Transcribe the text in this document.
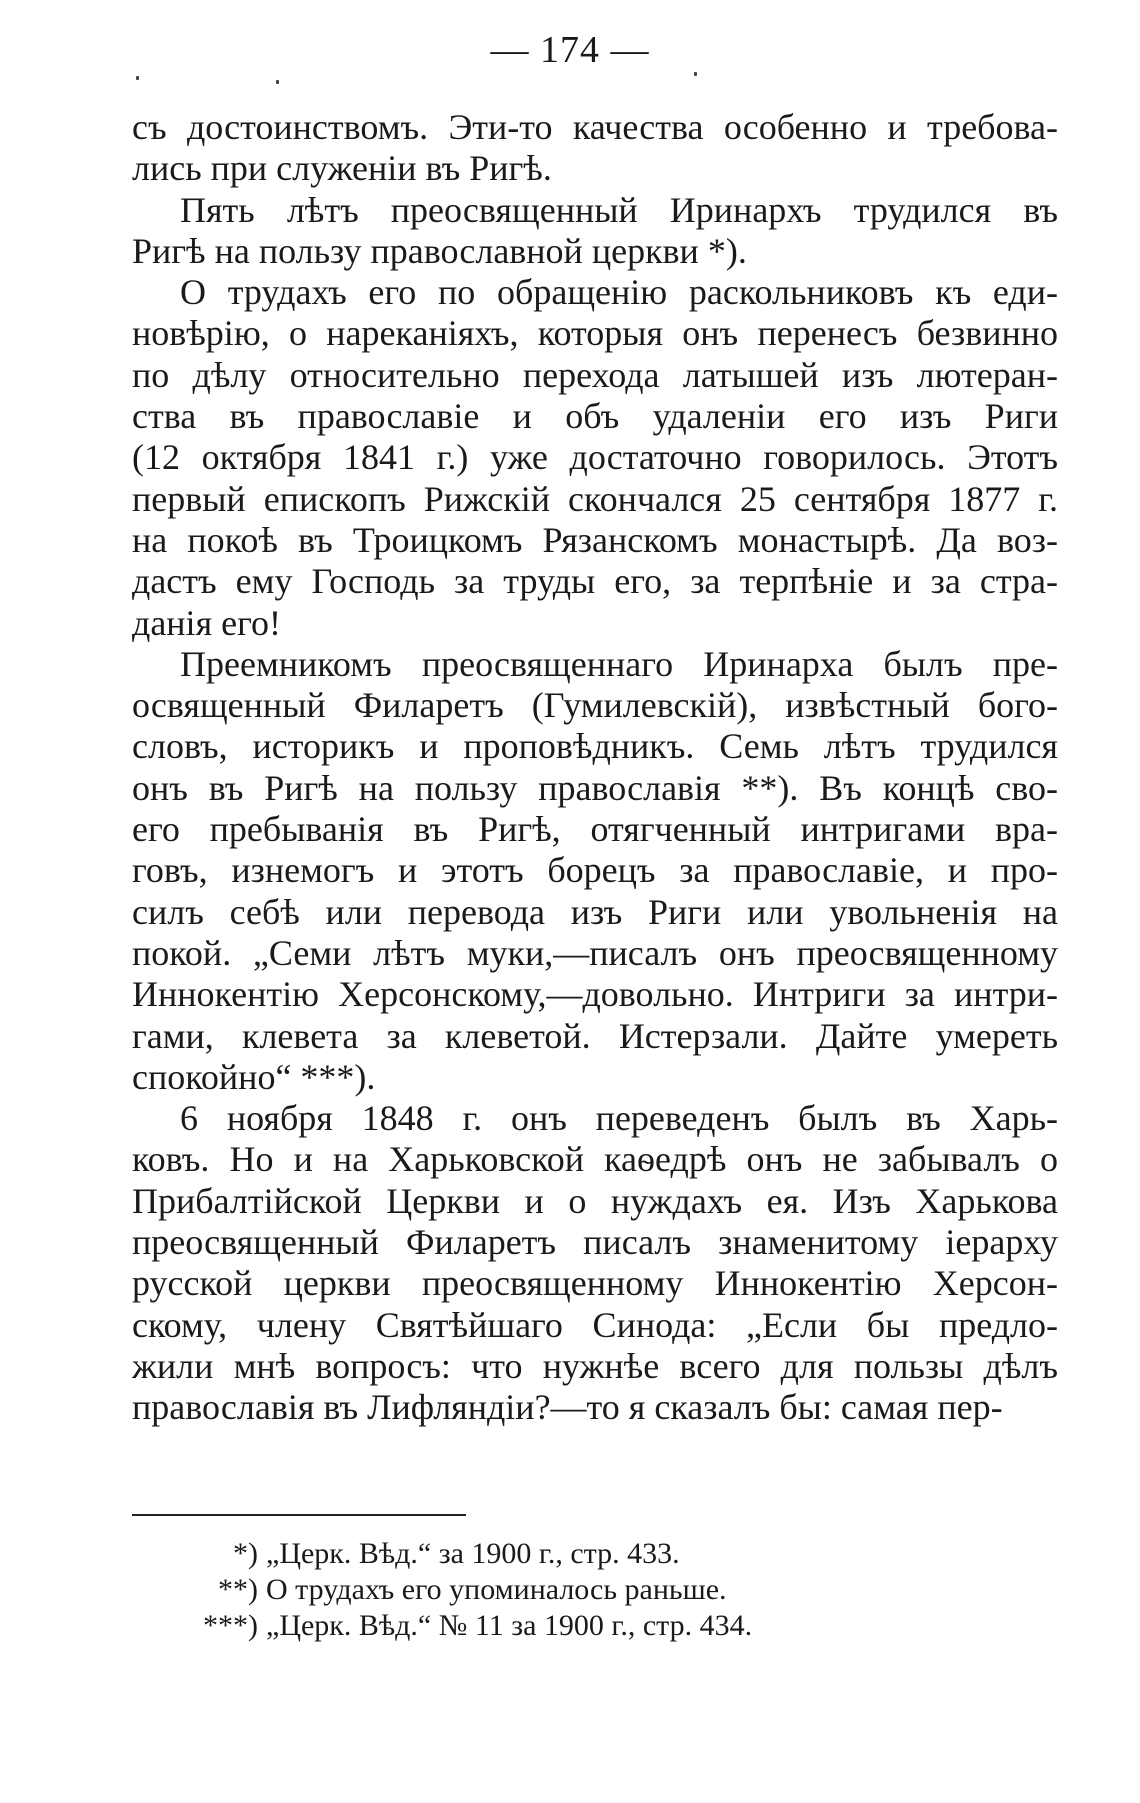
— 174 —
съ достоинствомъ. Эти-то качества особенно и требова-
лись при служеніи въ Ригѣ.
Пять лѣтъ преосвященный Иринархъ трудился въ
Ригѣ на пользу православной церкви *).
О трудахъ его по обращенію раскольниковъ къ еди-
новѣрію, о нареканіяхъ, которыя онъ перенесъ безвинно
по дѣлу относительно перехода латышей изъ лютеран-
ства въ православіе и объ удаленіи его изъ Риги
(12 октября 1841 г.) уже достаточно говорилось. Этотъ
первый епископъ Рижскій скончался 25 сентября 1877 г.
на покоѣ въ Троицкомъ Рязанскомъ монастырѣ. Да воз-
дастъ ему Господь за труды его, за терпѣніе и за стра-
данія его!
Преемникомъ преосвященнаго Иринарха былъ пре-
освященный Филаретъ (Гумилевскій), извѣстный бого-
словъ, историкъ и проповѣдникъ. Семь лѣтъ трудился
онъ въ Ригѣ на пользу православія **). Въ концѣ сво-
его пребыванія въ Ригѣ, отягченный интригами вра-
говъ, изнемогъ и этотъ борецъ за православіе, и про-
силъ себѣ или перевода изъ Риги или увольненія на
покой. „Семи лѣтъ муки,—писалъ онъ преосвященному
Иннокентію Херсонскому,—довольно. Интриги за интри-
гами, клевета за клеветой. Истерзали. Дайте умереть
спокойно“ ***).
6 ноября 1848 г. онъ переведенъ былъ въ Харь-
ковъ. Но и на Харьковской каѳедрѣ онъ не забывалъ о
Прибалтійской Церкви и о нуждахъ ея. Изъ Харькова
преосвященный Филаретъ писалъ знаменитому іерарху
русской церкви преосвященному Иннокентію Херсон-
скому, члену Святѣйшаго Синода: „Если бы предло-
жили мнѣ вопросъ: что нужнѣе всего для пользы дѣлъ
православія въ Лифляндіи?—то я сказалъ бы: самая пер-
*) „Церк. Вѣд.“ за 1900 г., стр. 433.
**) О трудахъ его упоминалось раньше.
***) „Церк. Вѣд.“ № 11 за 1900 г., стр. 434.
